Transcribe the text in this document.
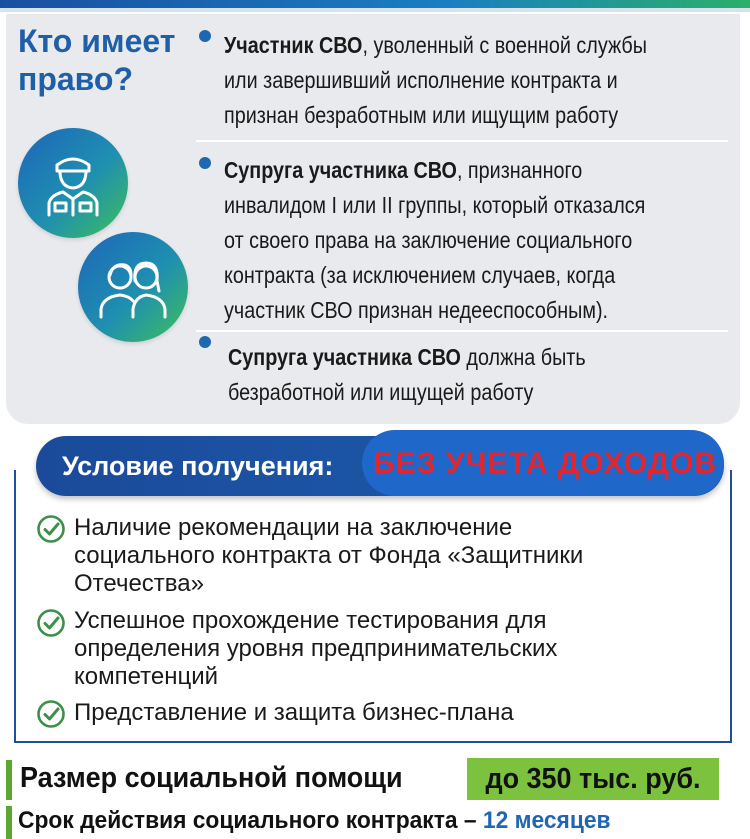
Кто имеет
право?
Участник СВО, уволенный с военной службы
или завершивший исполнение контракта и
признан безработным или ищущим работу
Супруга участника СВО, признанного
инвалидом I или II группы, который отказался
от своего права на заключение социального
контракта (за исключением случаев, когда
участник СВО признан недееспособным).
Супруга участника СВО должна быть
безработной или ищущей работу
Условие получения: БЕЗ УЧЕТА ДОХОДОВ
Наличие рекомендации на заключение
социального контракта от Фонда «Защитники
Отечества»
Успешное прохождение тестирования для
определения уровня предпринимательских
компетенций
Представление и защита бизнес-плана
Размер социальной помощи	до 350 тыс. руб.
Срок действия социального контракта – 12 месяцев
